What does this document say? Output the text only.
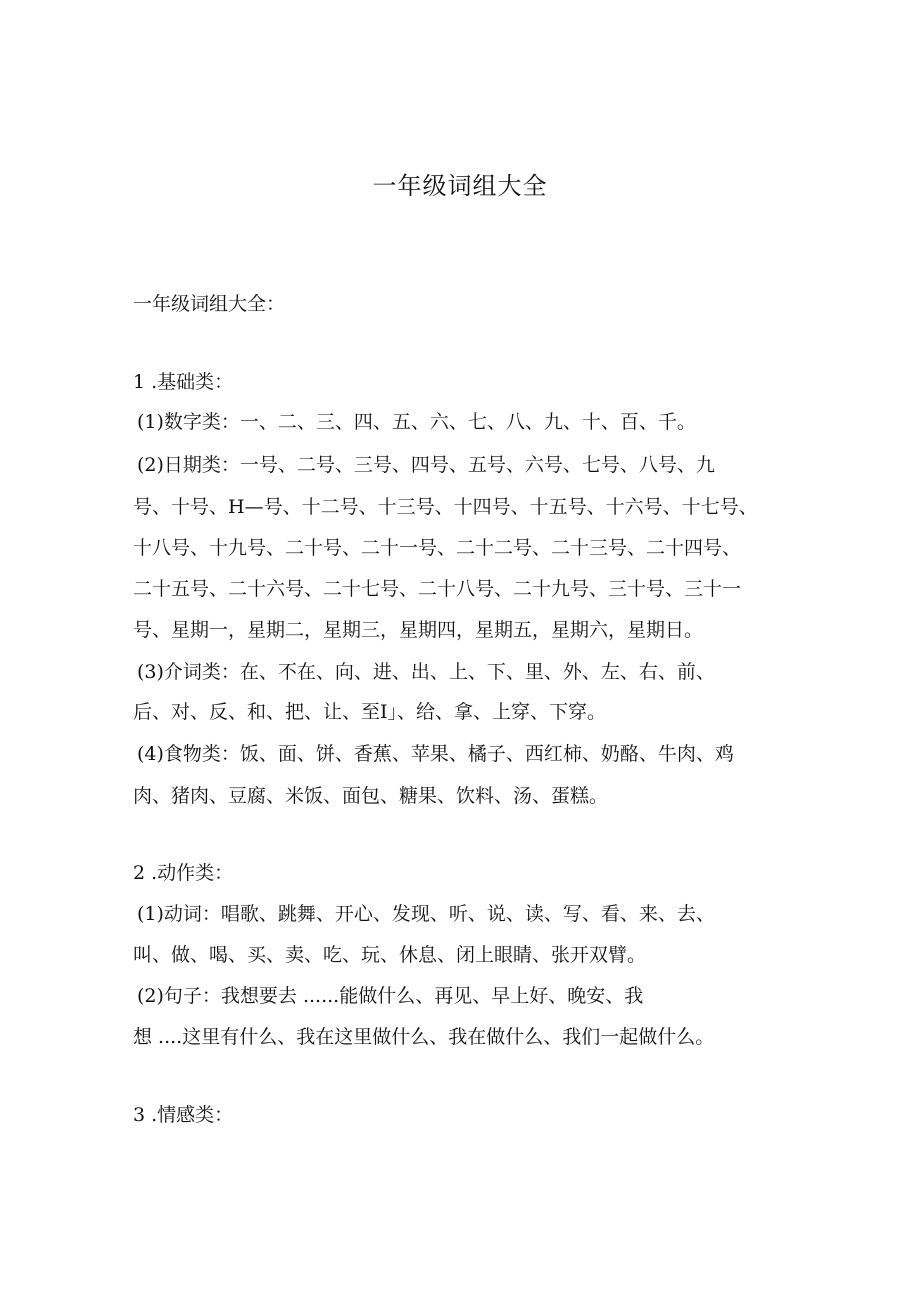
一年级词组大全

一年级词组大全：

1 .基础类：

(1)数字类：一、二、三、四、五、六、七、八、九、十、百、千。

(2)日期类：一号、二号、三号、四号、五号、六号、七号、八号、九

号、十号、H—号、十二号、十三号、十四号、十五号、十六号、十七号、

十八号、十九号、二十号、二十一号、二十二号、二十三号、二十四号、

二十五号、二十六号、二十七号、二十八号、二十九号、三十号、三十一

号、星期一，星期二，星期三，星期四，星期五，星期六，星期日。

(3)介词类：在、不在、向、进、出、上、下、里、外、左、右、前、

后、对、反、和、把、让、至I」、给、拿、上穿、下穿。

(4)食物类：饭、面、饼、香蕉、苹果、橘子、西红柿、奶酪、牛肉、鸡

肉、猪肉、豆腐、米饭、面包、糖果、饮料、汤、蛋糕。

2 .动作类：

(1)动词：唱歌、跳舞、开心、发现、听、说、读、写、看、来、去、

叫、做、喝、买、卖、吃、玩、休息、闭上眼睛、张开双臂。

(2)句子：我想要去 ......能做什么、再见、早上好、晚安、我

想 ....这里有什么、我在这里做什么、我在做什么、我们一起做什么。

3 .情感类：
